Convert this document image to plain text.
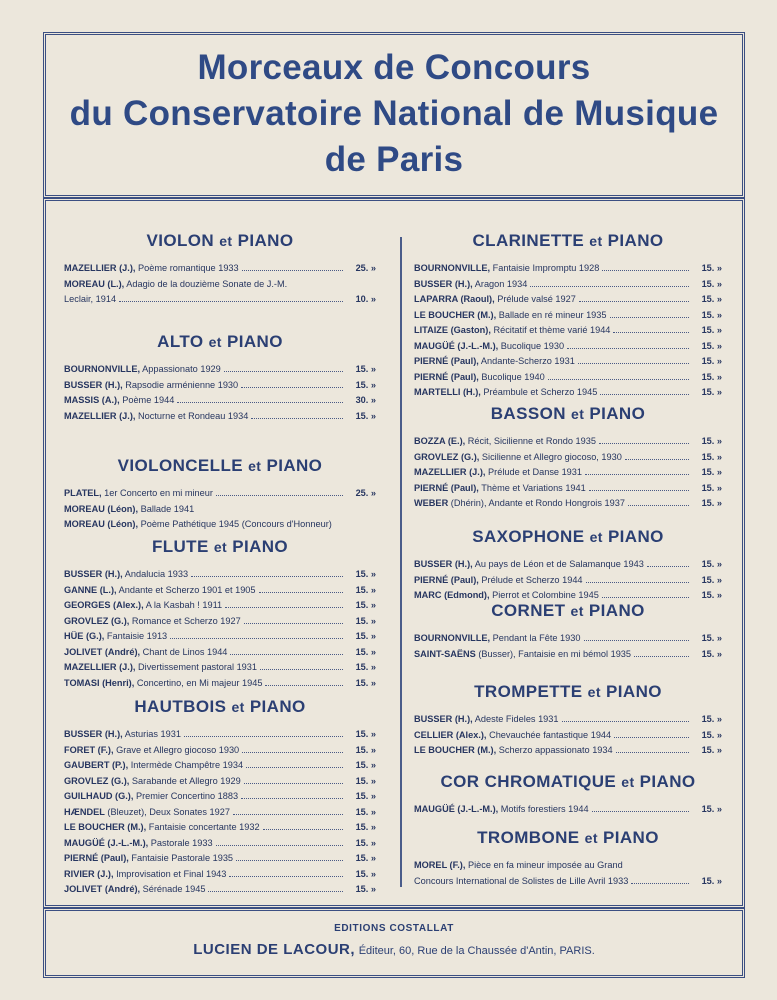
Morceaux de Concours
du Conservatoire National de Musique
de Paris
VIOLON et PIANO
MAZELLIER (J.), Poème romantique 1933	25. »
MOREAU (L.), Adagio de la douzième Sonate de J.-M.
Leclair, 1914	10. »
ALTO et PIANO
BOURNONVILLE, Appassionato 1929	15. »
BUSSER (H.), Rapsodie arménienne 1930	15. »
MASSIS (A.), Poème 1944	30. »
MAZELLIER (J.), Nocturne et Rondeau 1934	15. »
VIOLONCELLE et PIANO
PLATEL, 1er Concerto en mi mineur	25. »
MOREAU (Léon), Ballade 1941
MOREAU (Léon), Poème Pathétique 1945 (Concours d'Honneur)
FLUTE et PIANO
BUSSER (H.), Andalucia 1933	15. »
GANNE (L.), Andante et Scherzo 1901 et 1905	15. »
GEORGES (Alex.), A la Kasbah ! 1911	15. »
GROVLEZ (G.), Romance et Scherzo 1927	15. »
HÜE (G.), Fantaisie 1913	15. »
JOLIVET (André), Chant de Linos 1944	15. »
MAZELLIER (J.), Divertissement pastoral 1931	15. »
TOMASI (Henri), Concertino, en Mi majeur 1945	15. »
HAUTBOIS et PIANO
BUSSER (H.), Asturias 1931	15. »
FORET (F.), Grave et Allegro giocoso 1930	15. »
GAUBERT (P.), Intermède Champêtre 1934	15. »
GROVLEZ (G.), Sarabande et Allegro 1929	15. »
GUILHAUD (G.), Premier Concertino 1883	15. »
HÆNDEL (Bleuzet), Deux Sonates 1927	15. »
LE BOUCHER (M.), Fantaisie concertante 1932	15. »
MAUGÜÉ (J.-L.-M.), Pastorale 1933	15. »
PIERNÉ (Paul), Fantaisie Pastorale 1935	15. »
RIVIER (J.), Improvisation et Final 1943	15. »
JOLIVET (André), Sérénade 1945	15. »
CLARINETTE et PIANO
BOURNONVILLE, Fantaisie Impromptu 1928	15. »
BUSSER (H.), Aragon 1934	15. »
LAPARRA (Raoul), Prélude valsé 1927	15. »
LE BOUCHER (M.), Ballade en ré mineur 1935	15. »
LITAIZE (Gaston), Récitatif et thème varié 1944	15. »
MAUGÜÉ (J.-L.-M.), Bucolique 1930	15. »
PIERNÉ (Paul), Andante-Scherzo 1931	15. »
PIERNÉ (Paul), Bucolique 1940	15. »
MARTELLI (H.), Préambule et Scherzo 1945	15. »
BASSON et PIANO
BOZZA (E.), Récit, Sicilienne et Rondo 1935	15. »
GROVLEZ (G.), Sicilienne et Allegro giocoso, 1930	15. »
MAZELLIER (J.), Prélude et Danse 1931	15. »
PIERNÉ (Paul), Thème et Variations 1941	15. »
WEBER (Dhérin), Andante et Rondo Hongrois 1937	15. »
SAXOPHONE et PIANO
BUSSER (H.), Au pays de Léon et de Salamanque 1943	15. »
PIERNÉ (Paul), Prélude et Scherzo 1944	15. »
MARC (Edmond), Pierrot et Colombine 1945	15. »
CORNET et PIANO
BOURNONVILLE, Pendant la Fête 1930	15. »
SAINT-SAËNS (Busser), Fantaisie en mi bémol 1935	15. »
TROMPETTE et PIANO
BUSSER (H.), Adeste Fideles 1931	15. »
CELLIER (Alex.), Chevauchée fantastique 1944	15. »
LE BOUCHER (M.), Scherzo appassionato 1934	15. »
COR CHROMATIQUE et PIANO
MAUGÜÉ (J.-L.-M.), Motifs forestiers 1944	15. »
TROMBONE et PIANO
MOREL (F.), Pièce en fa mineur imposée au Grand
Concours International de Solistes de Lille Avril 1933	15. »
EDITIONS COSTALLAT
LUCIEN DE LACOUR, Éditeur, 60, Rue de la Chaussée d'Antin, PARIS.
